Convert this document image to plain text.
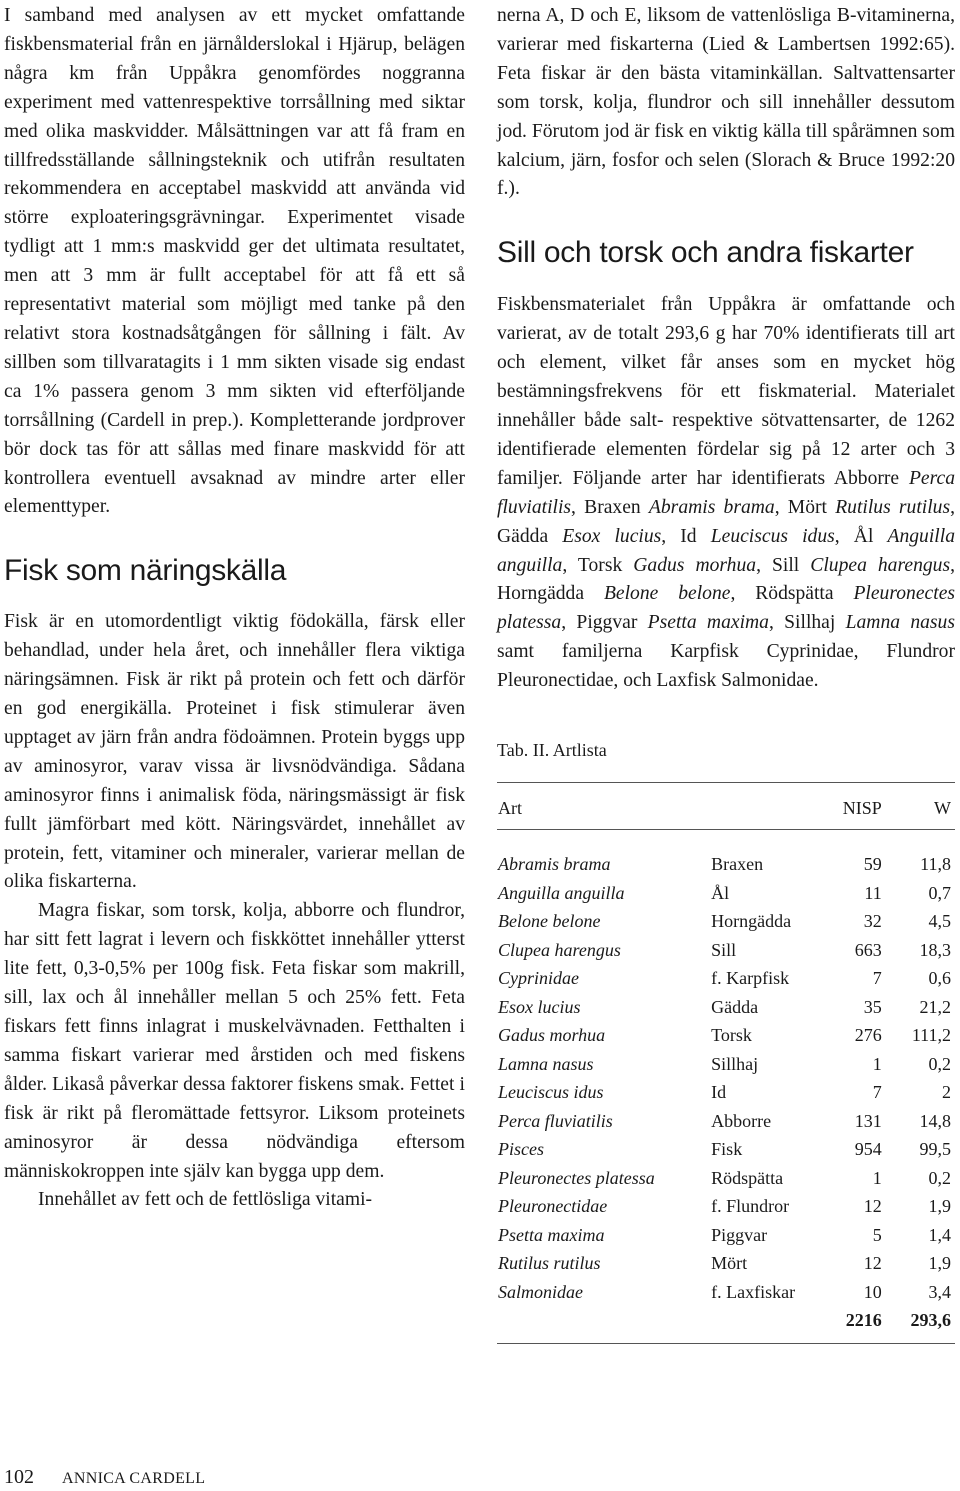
I samband med analysen av ett mycket omfattande fiskbensmaterial från en järnålderslokal i Hjärup, belägen några km från Uppåkra genomfördes noggranna experiment med vattenrespektive torrsållning med siktar med olika maskvidder. Målsättningen var att få fram en tillfredsställande sållningsteknik och utifrån resultaten rekommendera en acceptabel maskvidd att använda vid större exploateringsgrävningar. Experimentet visade tydligt att 1 mm:s maskvidd ger det ultimata resultatet, men att 3 mm är fullt acceptabel för att få ett så representativt material som möjligt med tanke på den relativt stora kostnadsåtgången för sållning i fält. Av sillben som tillvaratagits i 1 mm sikten visade sig endast ca 1% passera genom 3 mm sikten vid efterföljande torrsållning (Cardell in prep.). Kompletterande jordprover bör dock tas för att sållas med finare maskvidd för att kontrollera eventuell avsaknad av mindre arter eller elementtyper.

Fisk som näringskälla

Fisk är en utomordentligt viktig födokälla, färsk eller behandlad, under hela året, och innehåller flera viktiga näringsämnen. Fisk är rikt på protein och fett och därför en god energikälla. Proteinet i fisk stimulerar även upptaget av järn från andra födoämnen. Protein byggs upp av aminosyror, varav vissa är livsnödvändiga. Sådana aminosyror finns i animalisk föda, näringsmässigt är fisk fullt jämförbart med kött. Näringsvärdet, innehållet av protein, fett, vitaminer och mineraler, varierar mellan de olika fiskarterna.

Magra fiskar, som torsk, kolja, abborre och flundror, har sitt fett lagrat i levern och fiskköttet innehåller ytterst lite fett, 0,3-0,5% per 100g fisk. Feta fiskar som makrill, sill, lax och ål innehåller mellan 5 och 25% fett. Feta fiskars fett finns inlagrat i muskelvävnaden. Fetthalten i samma fiskart varierar med årstiden och med fiskens ålder. Likaså påverkar dessa faktorer fiskens smak. Fettet i fisk är rikt på fleromättade fettsyror. Liksom proteinets aminosyror är dessa nödvändiga eftersom människokroppen inte själv kan bygga upp dem.

Innehållet av fett och de fettlösliga vitami-

nerna A, D och E, liksom de vattenlösliga B-vitaminerna, varierar med fiskarterna (Lied & Lambertsen 1992:65). Feta fiskar är den bästa vitaminkällan. Saltvattensarter som torsk, kolja, flundror och sill innehåller dessutom jod. Förutom jod är fisk en viktig källa till spårämnen som kalcium, järn, fosfor och selen (Slorach & Bruce 1992:20 f.).

Sill och torsk och andra fiskarter

Fiskbensmaterialet från Uppåkra är omfattande och varierat, av de totalt 293,6 g har 70% identifierats till art och element, vilket får anses som en mycket hög bestämningsfrekvens för ett fiskmaterial. Materialet innehåller både salt- respektive sötvattensarter, de 1262 identifierade elementen fördelar sig på 12 arter och 3 familjer. Följande arter har identifierats Abborre Perca fluviatilis, Braxen Abramis brama, Mört Rutilus rutilus, Gädda Esox lucius, Id Leuciscus idus, Ål Anguilla anguilla, Torsk Gadus morhua, Sill Clupea harengus, Horngädda Belone belone, Rödspätta Pleuronectes platessa, Piggvar Psetta maxima, Sillhaj Lamna nasus samt familjerna Karpfisk Cyprinidae, Flundror Pleuronectidae, och Laxfisk Salmonidae.

Tab. II. Artlista
Art		NISP	W
Abramis brama	Braxen	59	11,8
Anguilla anguilla	Ål	11	0,7
Belone belone	Horngädda	32	4,5
Clupea harengus	Sill	663	18,3
Cyprinidae	f. Karpfisk	7	0,6
Esox lucius	Gädda	35	21,2
Gadus morhua	Torsk	276	111,2
Lamna nasus	Sillhaj	1	0,2
Leuciscus idus	Id	7	2
Perca fluviatilis	Abborre	131	14,8
Pisces	Fisk	954	99,5
Pleuronectes platessa	Rödspätta	1	0,2
Pleuronectidae	f. Flundror	12	1,9
Psetta maxima	Piggvar	5	1,4
Rutilus rutilus	Mört	12	1,9
Salmonidae	f. Laxfiskar	10	3,4
		2216	293,6
102 ANNICA CARDELL
